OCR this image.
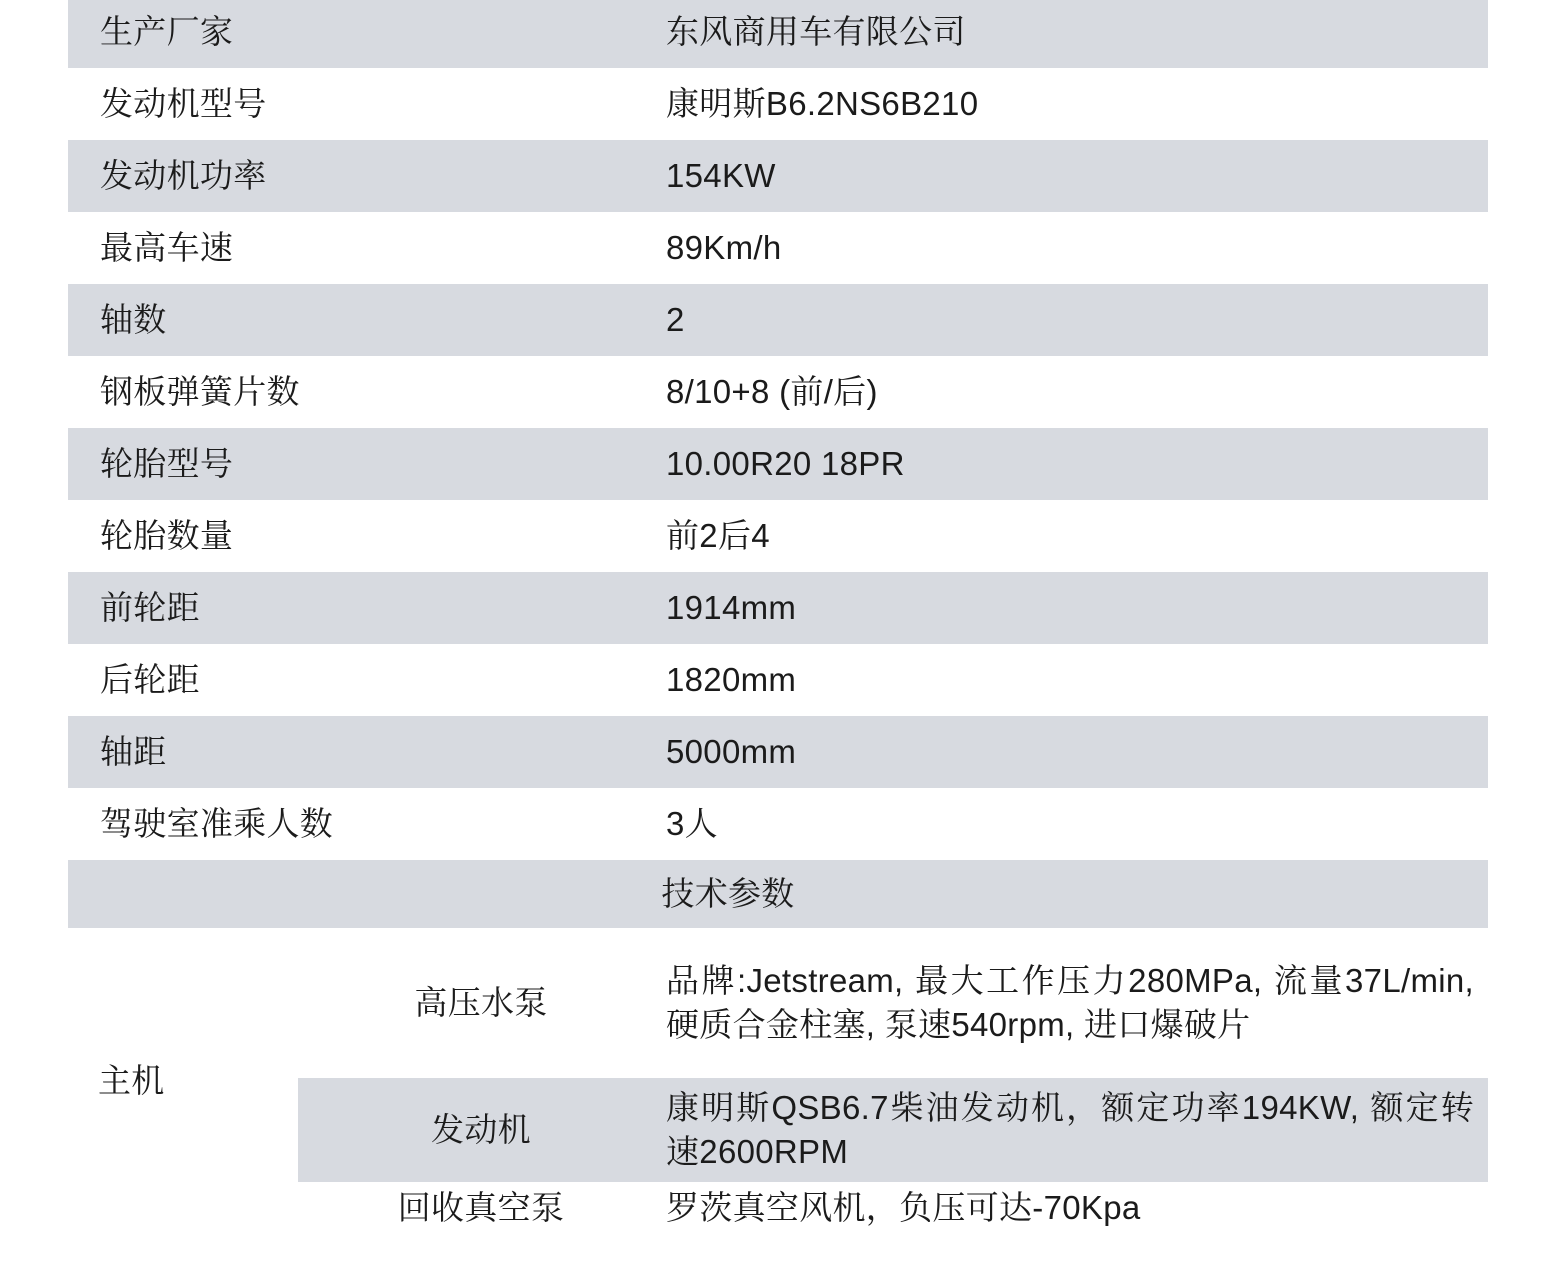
生产厂家	东风商用车有限公司
发动机型号	康明斯B6.2NS6B210
发动机功率	154KW
最高车速	89Km/h
轴数	2
钢板弹簧片数	8/10+8 (前/后)
轮胎型号	10.00R20 18PR
轮胎数量	前2后4
前轮距	1914mm
后轮距	1820mm
轴距	5000mm
驾驶室准乘人数	3人

技术参数	
主机	高压水泵	品牌:Jetstream, 最大工作压力280MPa, 流量37L/min, 硬质合金柱塞, 泵速540rpm, 进口爆破片
	发动机	康明斯QSB6.7柴油发动机，额定功率194KW, 额定转速2600RPM
	回收真空泵	罗茨真空风机，负压可达-70Kpa
